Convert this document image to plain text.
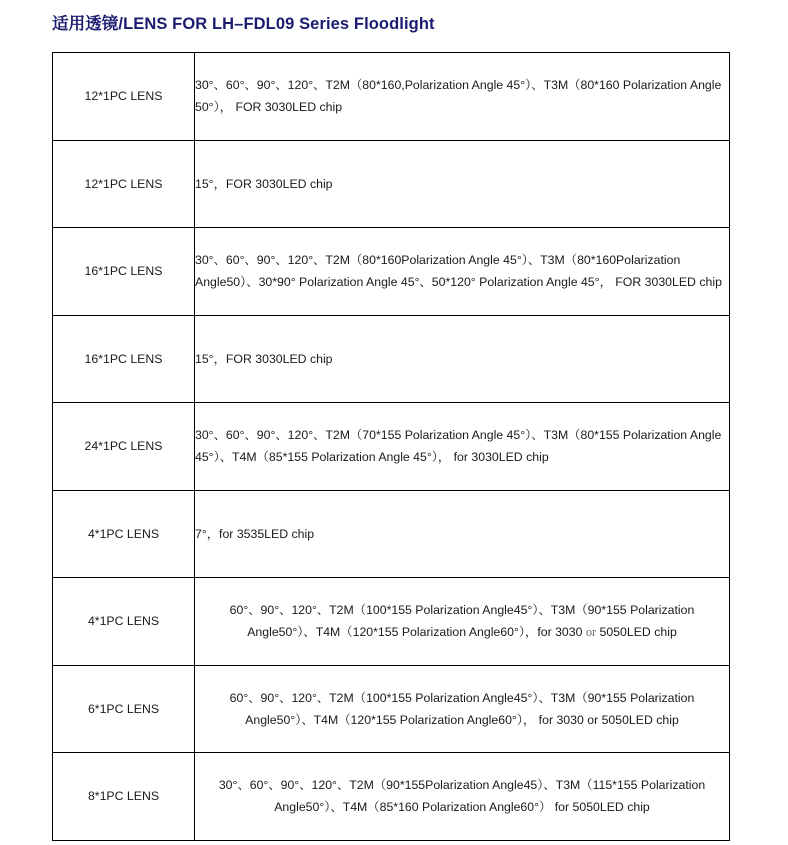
适用透镜/LENS FOR LH–FDL09 Series Floodlight
12*1PC LENS	30°、60°、90°、120°、T2M（80*160,Polarization Angle 45°）、T3M（80*160 Polarization Angle 50°）， FOR 3030LED chip
12*1PC LENS	15°，FOR 3030LED chip
16*1PC LENS	30°、60°、90°、120°、T2M（80*160Polarization Angle 45°）、T3M（80*160Polarization Angle50）、30*90° Polarization Angle 45°、50*120° Polarization Angle 45°， FOR 3030LED chip
16*1PC LENS	15°，FOR 3030LED chip
24*1PC LENS	30°、60°、90°、120°、T2M（70*155 Polarization Angle 45°）、T3M（80*155 Polarization Angle 45°）、T4M（85*155 Polarization Angle 45°）， for 3030LED chip
4*1PC LENS	7°，for 3535LED chip
4*1PC LENS	60°、90°、120°、T2M（100*155 Polarization Angle45°）、T3M（90*155 Polarization Angle50°）、T4M（120*155 Polarization Angle60°），for 3030 or 5050LED chip
6*1PC LENS	60°、90°、120°、T2M（100*155 Polarization Angle45°）、T3M（90*155 Polarization Angle50°）、T4M（120*155 Polarization Angle60°）， for 3030 or 5050LED chip
8*1PC LENS	30°、60°、90°、120°、T2M（90*155Polarization Angle45）、T3M（115*155 Polarization Angle50°）、T4M（85*160 Polarization Angle60°） for 5050LED chip
